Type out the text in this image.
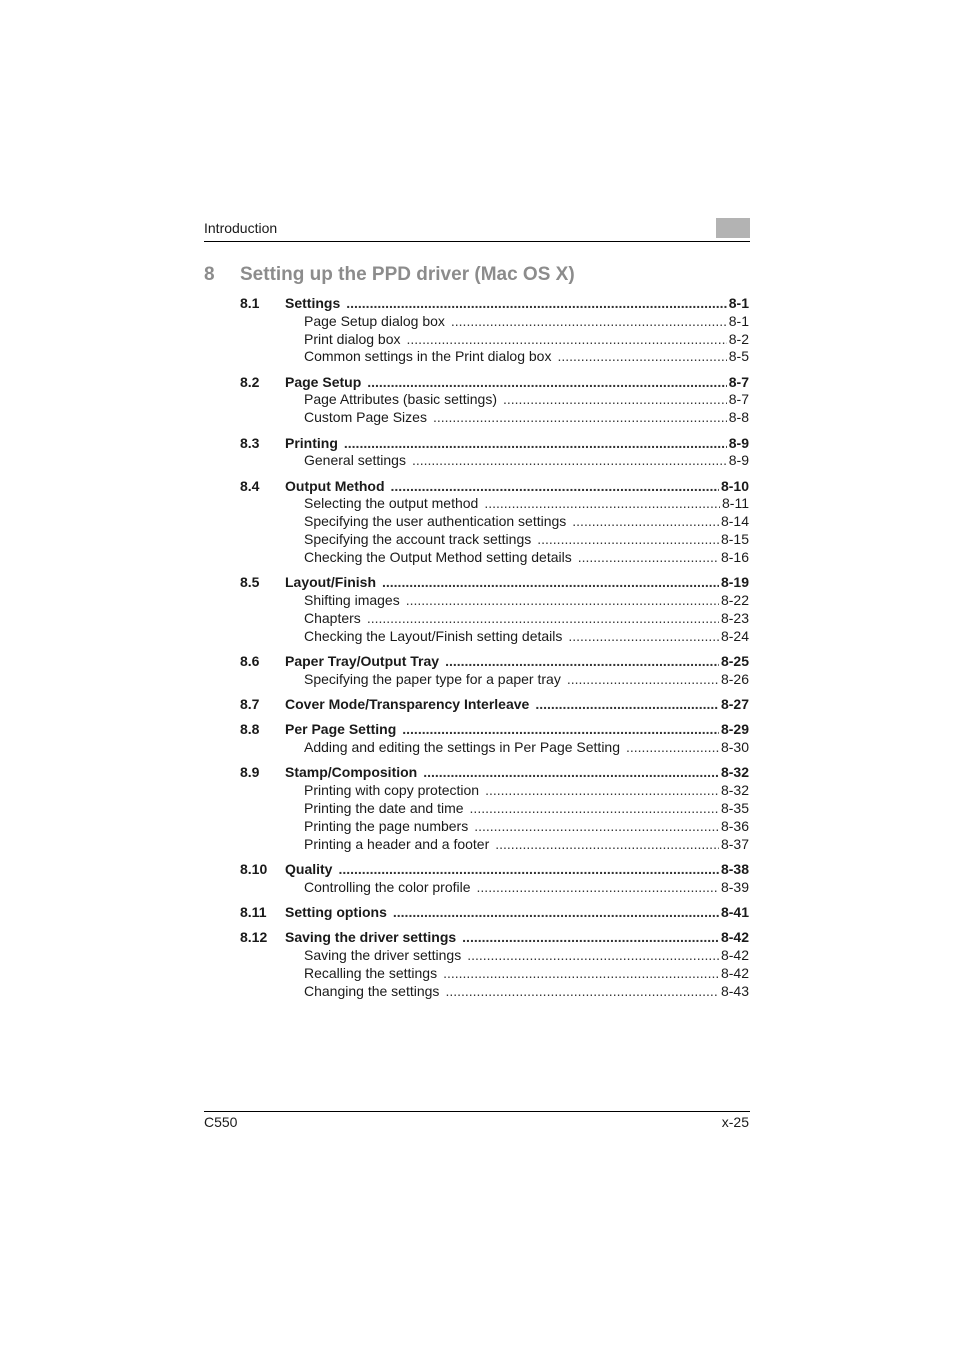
Introduction
8 Setting up the PPD driver (Mac OS X)
8.1	Settings .....	8-1
Page Setup dialog box .....	8-1
Print dialog box .....	8-2
Common settings in the Print dialog box .....	8-5
8.2	Page Setup .....	8-7
Page Attributes (basic settings) .....	8-7
Custom Page Sizes .....	8-8
8.3	Printing .....	8-9
General settings .....	8-9
8.4	Output Method .....	8-10
Selecting the output method .....	8-11
Specifying the user authentication settings .....	8-14
Specifying the account track settings .....	8-15
Checking the Output Method setting details .....	8-16
8.5	Layout/Finish .....	8-19
Shifting images .....	8-22
Chapters .....	8-23
Checking the Layout/Finish setting details .....	8-24
8.6	Paper Tray/Output Tray .....	8-25
Specifying the paper type for a paper tray .....	8-26
8.7	Cover Mode/Transparency Interleave .....	8-27
8.8	Per Page Setting .....	8-29
Adding and editing the settings in Per Page Setting .....	8-30
8.9	Stamp/Composition .....	8-32
Printing with copy protection .....	8-32
Printing the date and time .....	8-35
Printing the page numbers .....	8-36
Printing a header and a footer .....	8-37
8.10	Quality .....	8-38
Controlling the color profile .....	8-39
8.11	Setting options .....	8-41
8.12	Saving the driver settings .....	8-42
Saving the driver settings .....	8-42
Recalling the settings .....	8-42
Changing the settings .....	8-43
C550	x-25
